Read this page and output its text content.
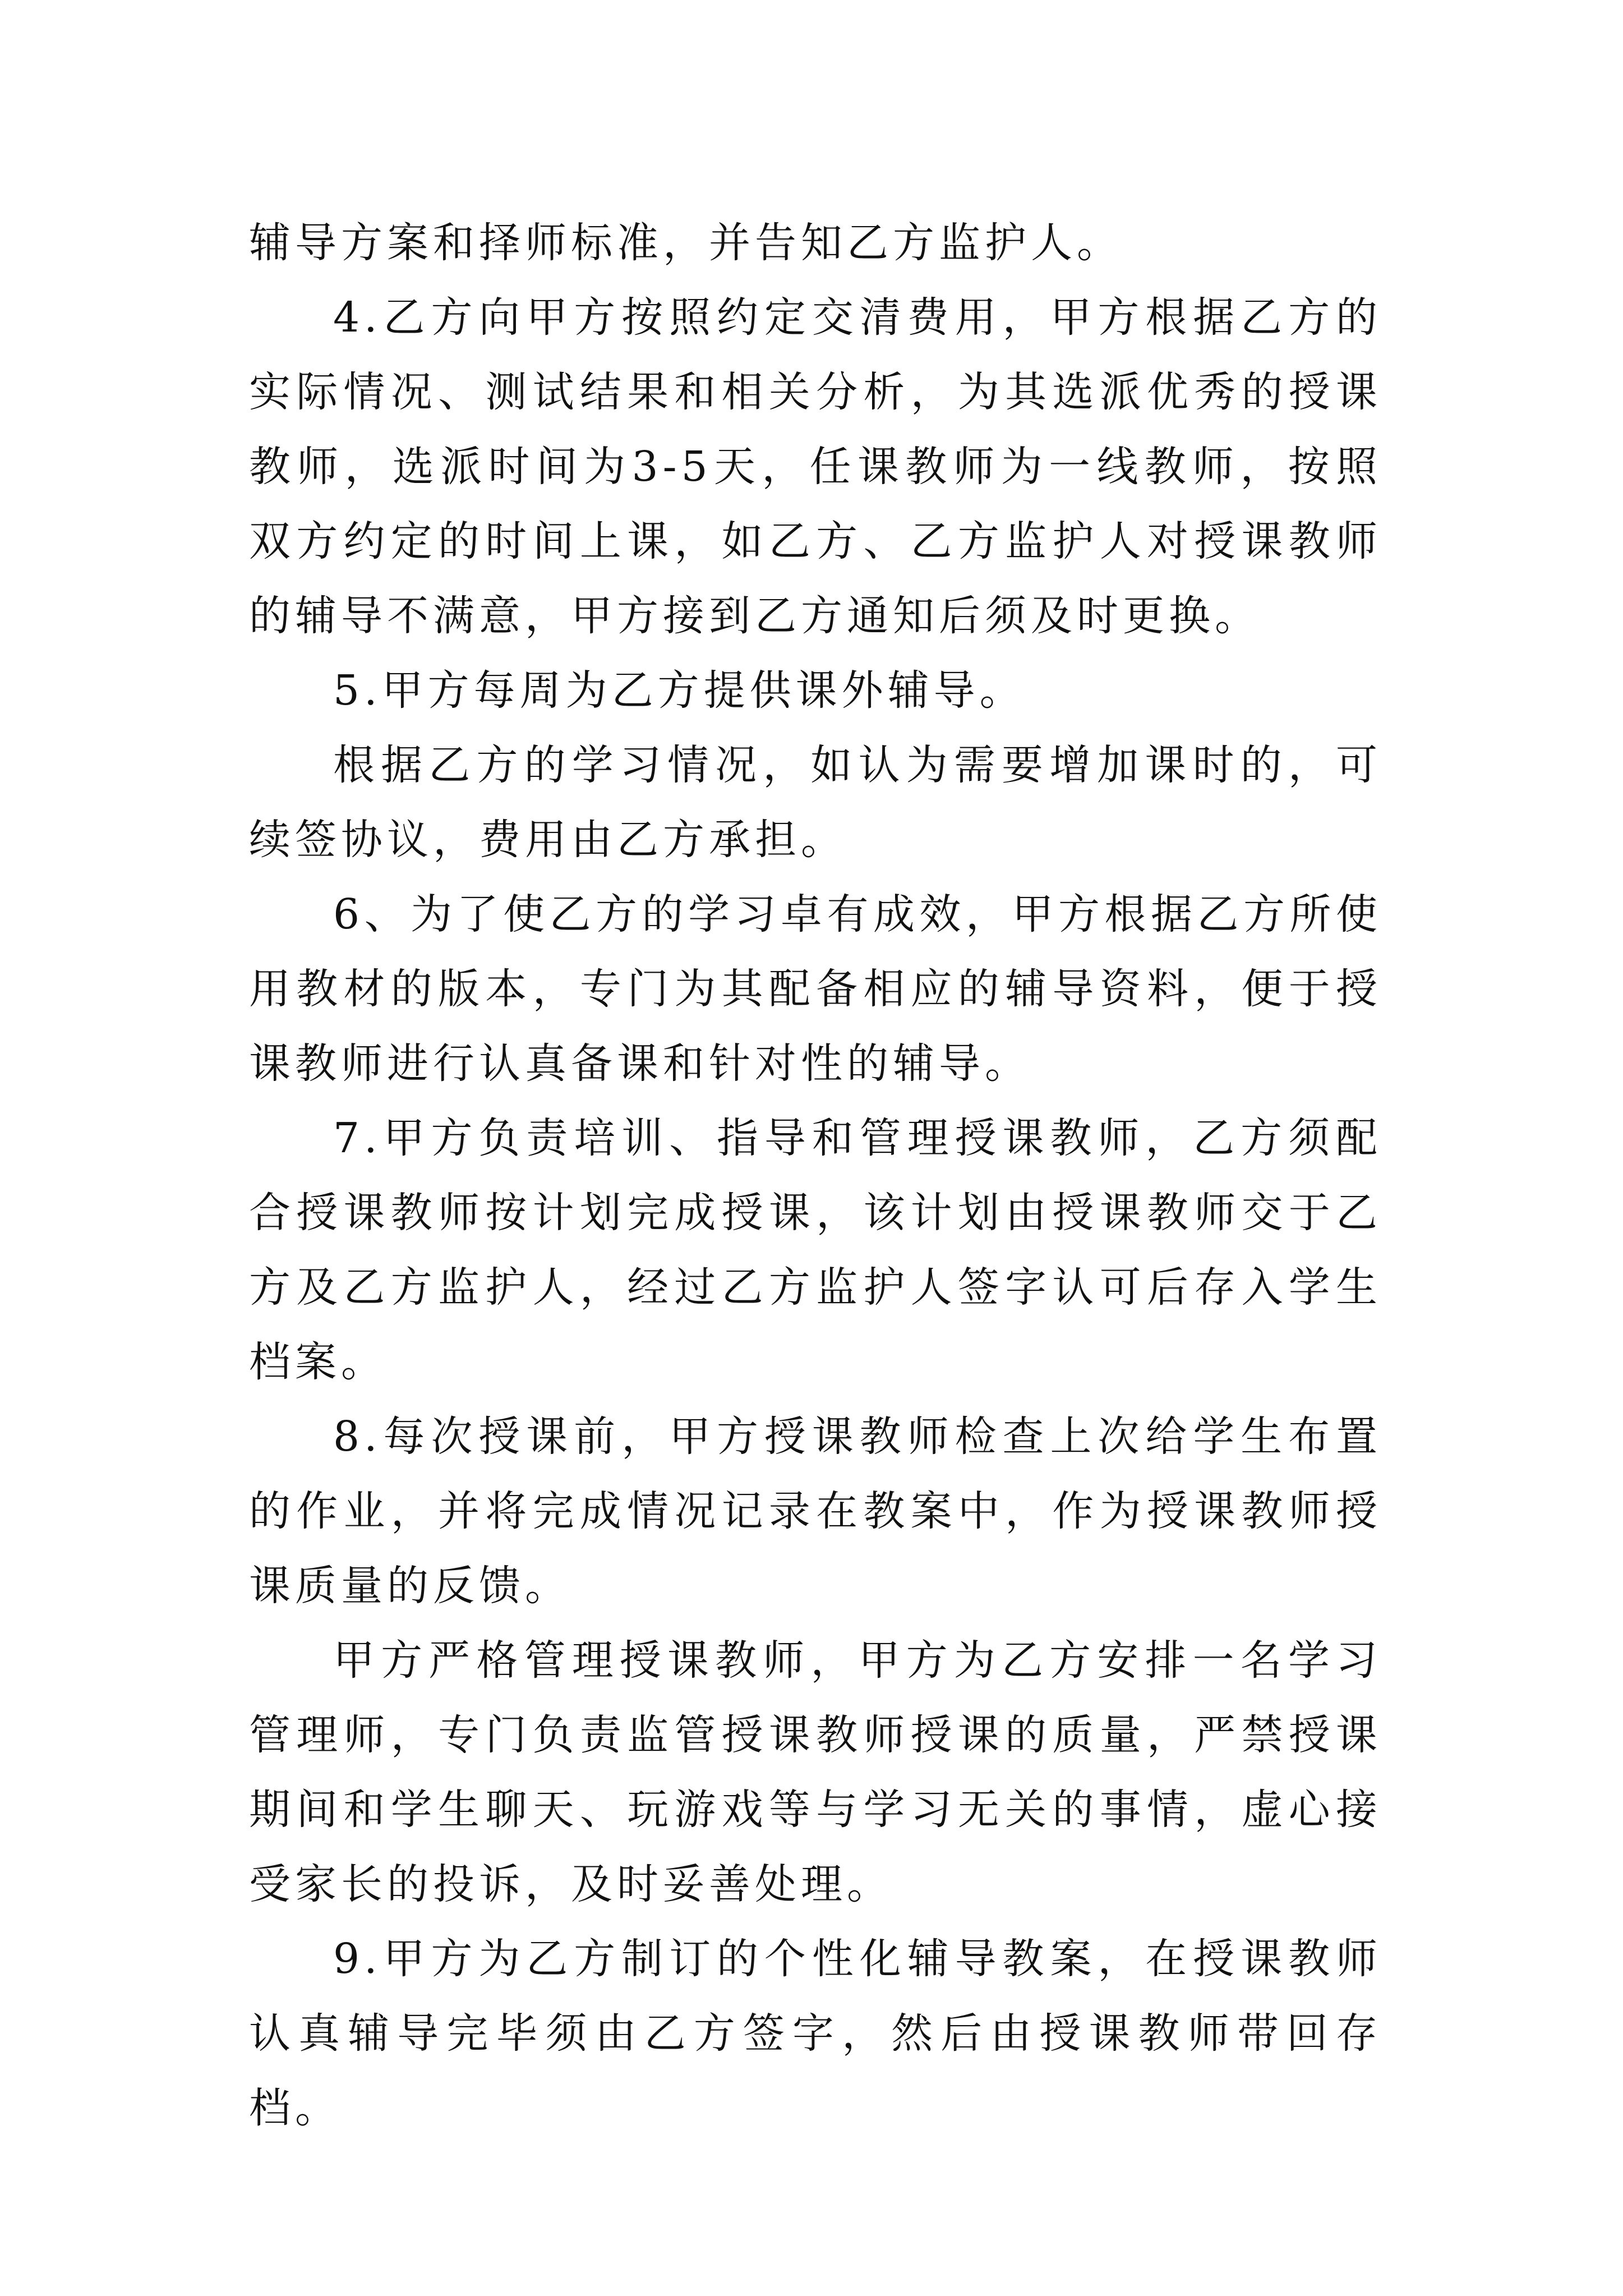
辅导方案和择师标准，并告知乙方监护人。

4.乙方向甲方按照约定交清费用，甲方根据乙方的实际情况、测试结果和相关分析，为其选派优秀的授课教师，选派时间为3-5天，任课教师为一线教师，按照双方约定的时间上课，如乙方、乙方监护人对授课教师的辅导不满意，甲方接到乙方通知后须及时更换。

5.甲方每周为乙方提供课外辅导。

根据乙方的学习情况，如认为需要增加课时的，可续签协议，费用由乙方承担。

6、为了使乙方的学习卓有成效，甲方根据乙方所使用教材的版本，专门为其配备相应的辅导资料，便于授课教师进行认真备课和针对性的辅导。

7.甲方负责培训、指导和管理授课教师，乙方须配合授课教师按计划完成授课，该计划由授课教师交于乙方及乙方监护人，经过乙方监护人签字认可后存入学生档案。

8.每次授课前，甲方授课教师检查上次给学生布置的作业，并将完成情况记录在教案中，作为授课教师授课质量的反馈。

甲方严格管理授课教师，甲方为乙方安排一名学习管理师，专门负责监管授课教师授课的质量，严禁授课期间和学生聊天、玩游戏等与学习无关的事情，虚心接受家长的投诉，及时妥善处理。

9.甲方为乙方制订的个性化辅导教案，在授课教师认真辅导完毕须由乙方签字，然后由授课教师带回存档。
